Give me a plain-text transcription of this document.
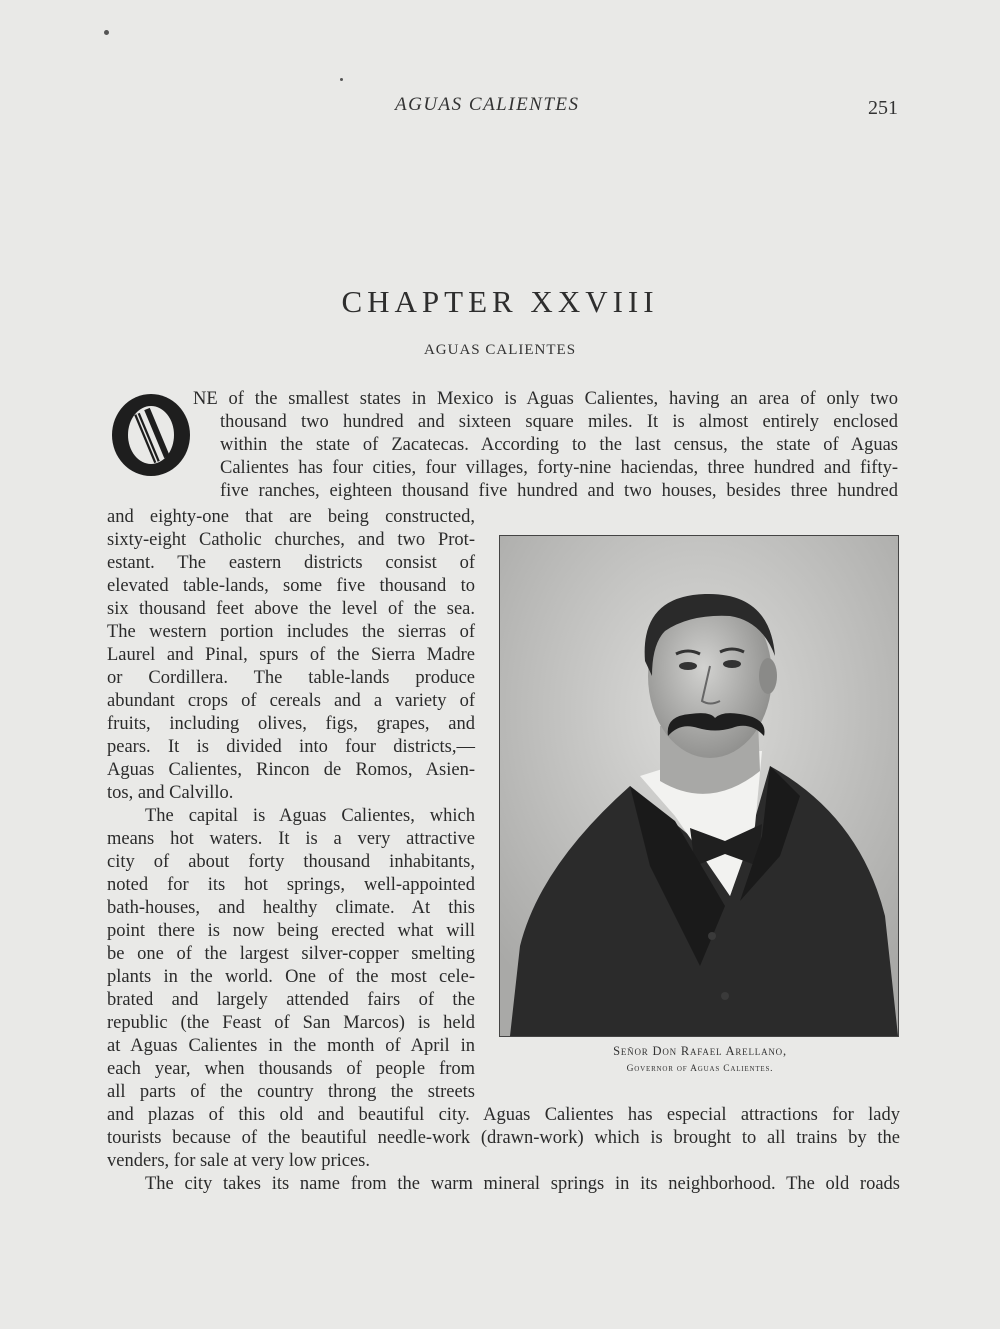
AGUAS CALIENTES	251
CHAPTER XXVIII
AGUAS CALIENTES
NE of the smallest states in Mexico is Aguas Calientes, having an area of only two
thousand two hundred and sixteen square miles. It is almost entirely enclosed
within the state of Zacatecas. According to the last census, the state of Aguas
Calientes has four cities, four villages, forty-nine haciendas, three hundred and fifty-
five ranches, eighteen thousand five hundred and two houses, besides three hundred
and eighty-one that are being constructed,
sixty-eight Catholic churches, and two Prot-
estant. The eastern districts consist of
elevated table-lands, some five thousand to
six thousand feet above the level of the sea.
The western portion includes the sierras of
Laurel and Pinal, spurs of the Sierra Madre
or Cordillera. The table-lands produce
abundant crops of cereals and a variety of
fruits, including olives, figs, grapes, and
pears. It is divided into four districts,—
Aguas Calientes, Rincon de Romos, Asien-
tos, and Calvillo.
The capital is Aguas Calientes, which
means hot waters. It is a very attractive
city of about forty thousand inhabitants,
noted for its hot springs, well-appointed
bath-houses, and healthy climate. At this
point there is now being erected what will
be one of the largest silver-copper smelting
plants in the world. One of the most cele-
brated and largely attended fairs of the
republic (the Feast of San Marcos) is held
at Aguas Calientes in the month of April in
each year, when thousands of people from
all parts of the country throng the streets
and plazas of this old and beautiful city. Aguas Calientes has especial attractions for lady
tourists because of the beautiful needle-work (drawn-work) which is brought to all trains by the
venders, for sale at very low prices.
The city takes its name from the warm mineral springs in its neighborhood. The old roads
Señor Don Rafael Arellano,
Governor of Aguas Calientes.
